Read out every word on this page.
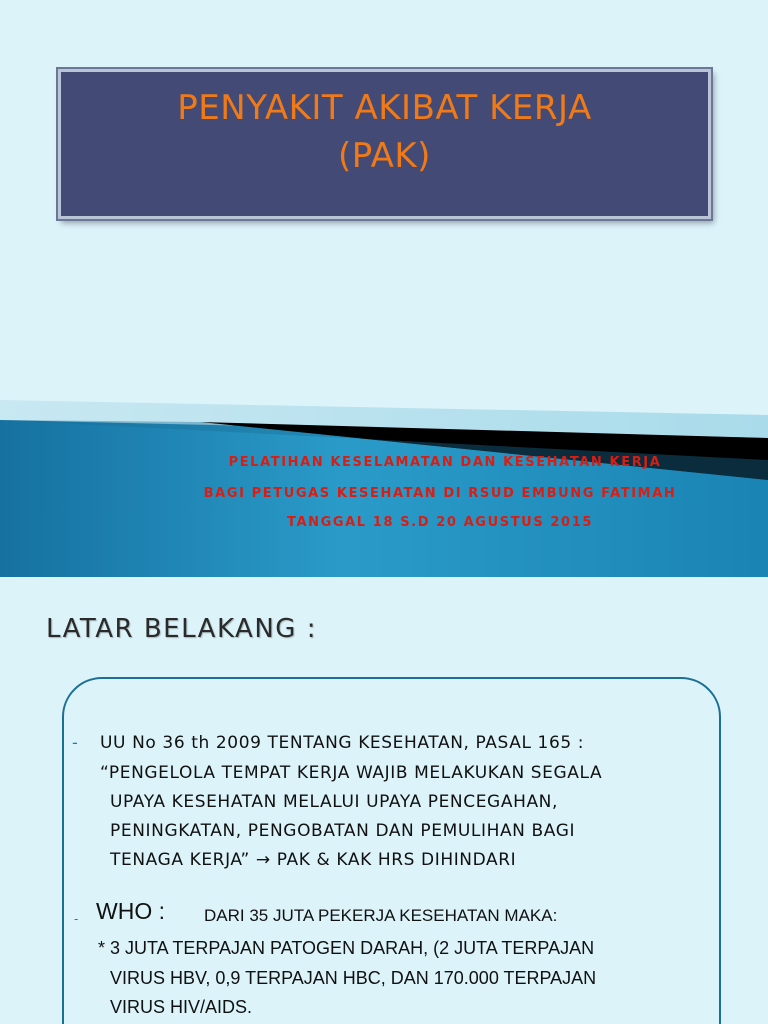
PENYAKIT AKIBAT KERJA
(PAK)
PELATIHAN KESELAMATAN DAN KESEHATAN KERJA
BAGI PETUGAS KESEHATAN DI RSUD EMBUNG FATIMAH
TANGGAL 18 S.D 20 AGUSTUS 2015
LATAR BELAKANG :
- UU No 36 th 2009 TENTANG KESEHATAN, PASAL 165 :
“PENGELOLA TEMPAT KERJA WAJIB MELAKUKAN SEGALA
UPAYA KESEHATAN MELALUI UPAYA PENCEGAHAN,
PENINGKATAN, PENGOBATAN DAN PEMULIHAN BAGI
TENAGA KERJA” → PAK & KAK HRS DIHINDARI
- WHO : DARI 35 JUTA PEKERJA KESEHATAN MAKA:
* 3 JUTA TERPAJAN PATOGEN DARAH, (2 JUTA TERPAJAN
VIRUS HBV, 0,9 TERPAJAN HBC, DAN 170.000 TERPAJAN
VIRUS HIV/AIDS.
